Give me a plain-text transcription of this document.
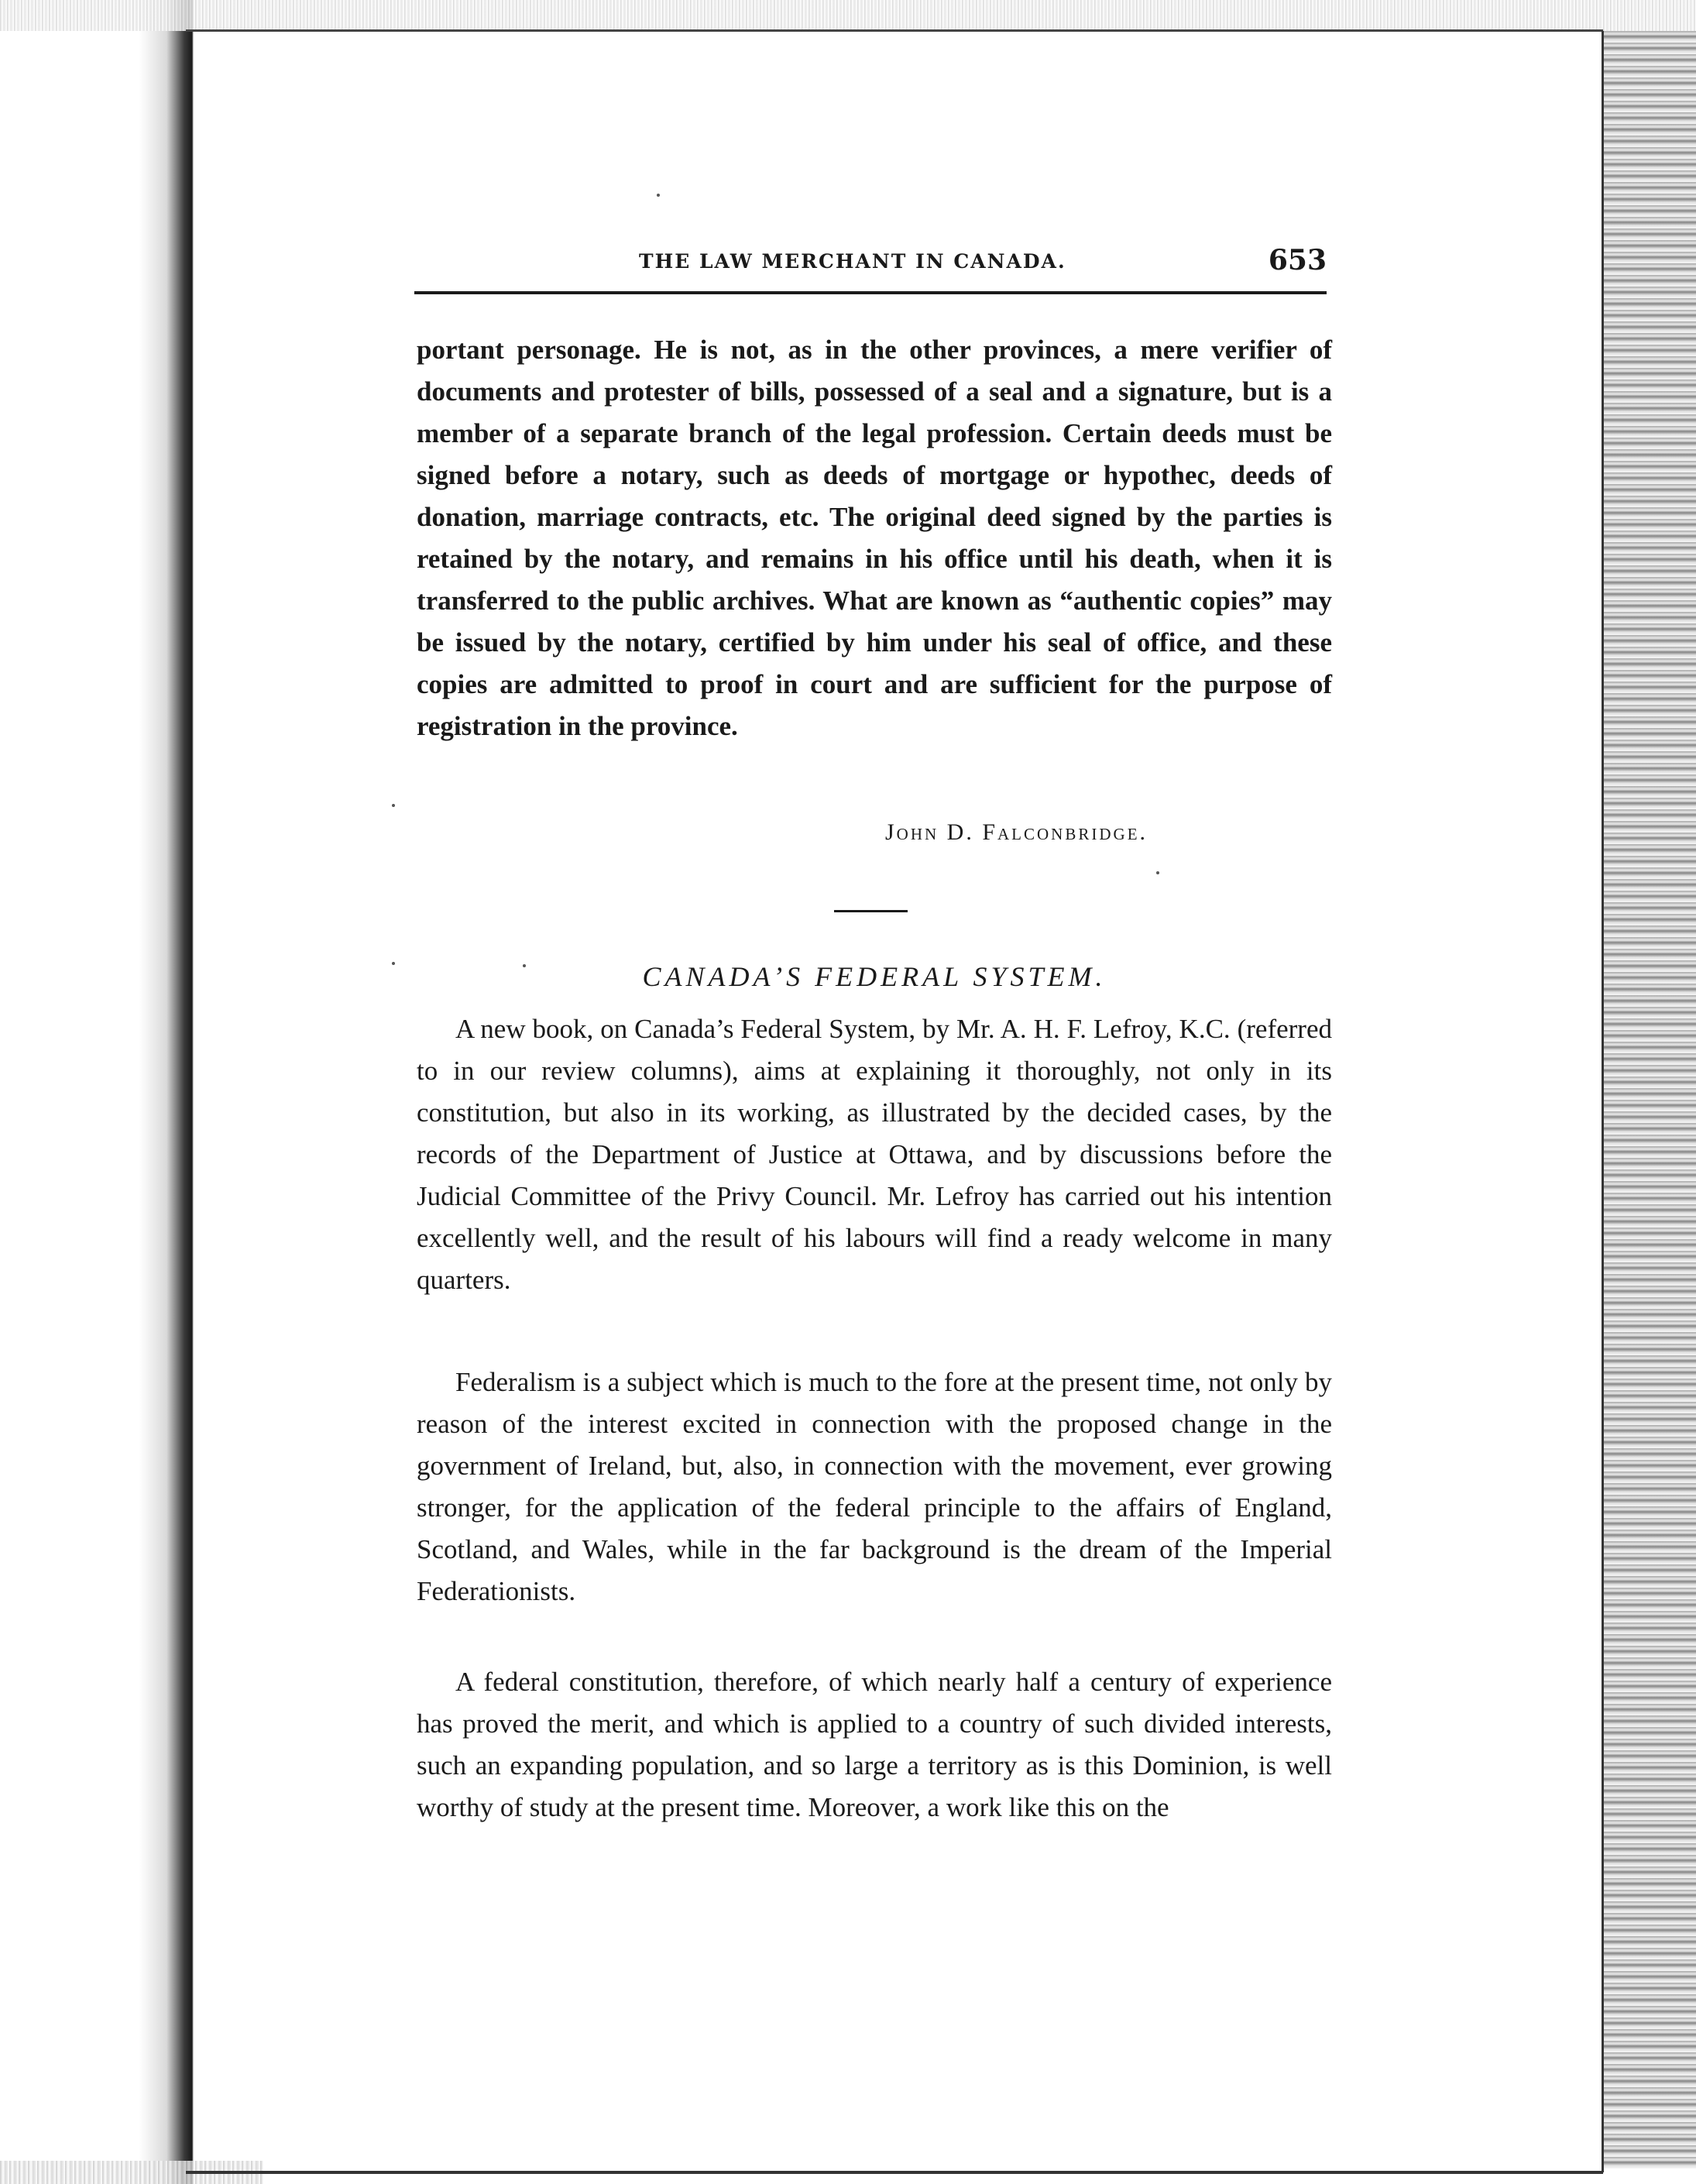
THE LAW MERCHANT IN CANADA.	653

portant personage. He is not, as in the other provinces, a mere verifier of documents and protester of bills, possessed of a seal and a signature, but is a member of a separate branch of the legal profession. Certain deeds must be signed before a notary, such as deeds of mortgage or hypothec, deeds of donation, marriage contracts, etc. The original deed signed by the parties is retained by the notary, and remains in his office until his death, when it is transferred to the public archives. What are known as “authentic copies” may be issued by the notary, certified by him under his seal of office, and these copies are admitted to proof in court and are sufficient for the purpose of registration in the province.

John D. Falconbridge.
CANADA’S FEDERAL SYSTEM.

A new book, on Canada’s Federal System, by Mr. A. H. F. Lefroy, K.C. (referred to in our review columns), aims at explaining it thoroughly, not only in its constitution, but also in its working, as illustrated by the decided cases, by the records of the Department of Justice at Ottawa, and by discussions before the Judicial Committee of the Privy Council. Mr. Lefroy has carried out his intention excellently well, and the result of his labours will find a ready welcome in many quarters.

Federalism is a subject which is much to the fore at the present time, not only by reason of the interest excited in connection with the proposed change in the government of Ireland, but, also, in connection with the movement, ever growing stronger, for the application of the federal principle to the affairs of England, Scotland, and Wales, while in the far background is the dream of the Imperial Federationists.

A federal constitution, therefore, of which nearly half a century of experience has proved the merit, and which is applied to a country of such divided interests, such an expanding population, and so large a territory as is this Dominion, is well worthy of study at the present time. Moreover, a work like this on the
